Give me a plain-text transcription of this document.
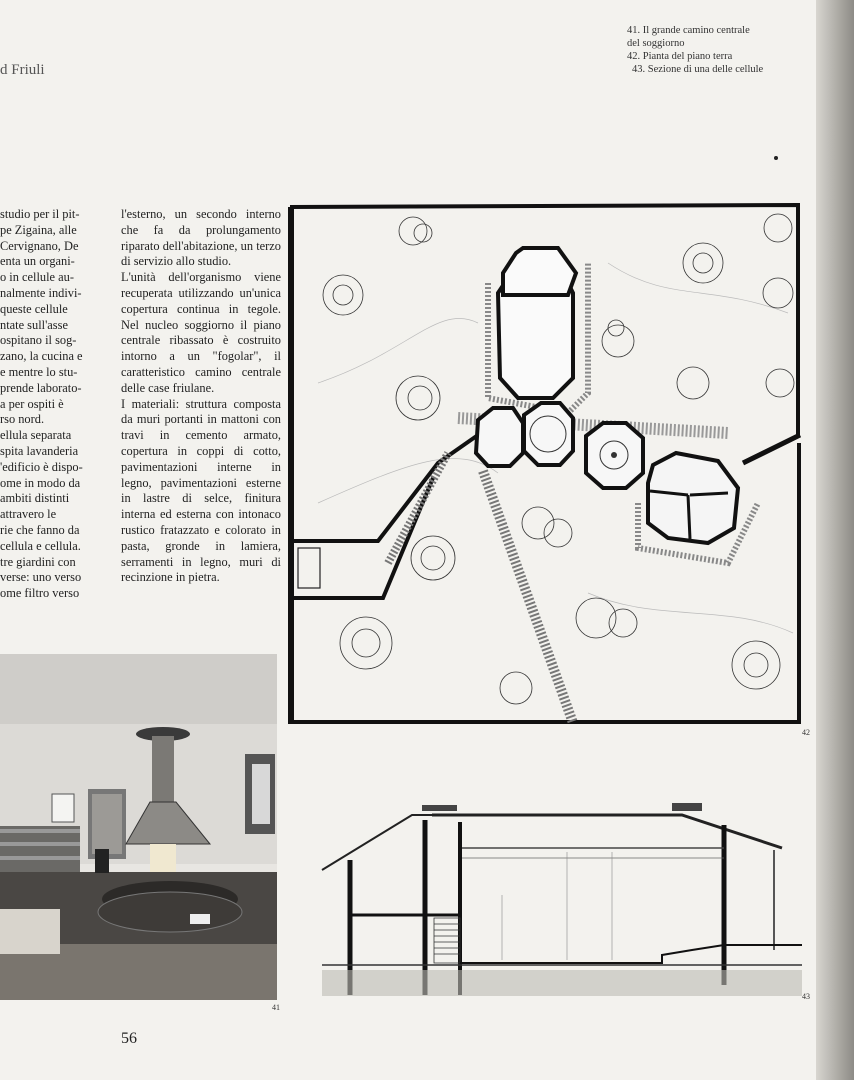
d Friuli
41. Il grande camino centrale
del soggiorno
42. Pianta del piano terra
43. Sezione di una delle cellule

studio per il pit-

pe Zigaina, alle

Cervignano, De

enta un organi-

o in cellule au-

nalmente indivi-

queste cellule

ntate sull'asse

ospitano il sog-

zano, la cucina e

e mentre lo stu-

prende laborato-

a per ospiti è

rso nord.

ellula separata

spita lavanderia

'edificio è dispo-

ome in modo da

ambiti distinti

attravero le

rie che fanno da

cellula e cellula.

tre giardini con

verse: uno verso

ome filtro verso

l'esterno, un secondo interno che fa da prolungamento riparato dell'abitazione, un terzo di servizio allo studio.

L'unità dell'organismo viene recuperata utilizzando un'unica copertura continua in tegole. Nel nucleo soggiorno il piano centrale ribassato è costruito intorno a un "fogolar", il caratteristico camino centrale delle case friulane.

I materiali: struttura composta da muri portanti in mattoni con travi in cemento armato, copertura in coppi di cotto, pavimentazioni interne in legno, pavimentazioni esterne in lastre di selce, finitura interna ed esterna con intonaco rustico fratazzato e colorato in pasta, gronde in lamiera, serramenti in legno, muri di recinzione in pietra.

42
41
43
56
